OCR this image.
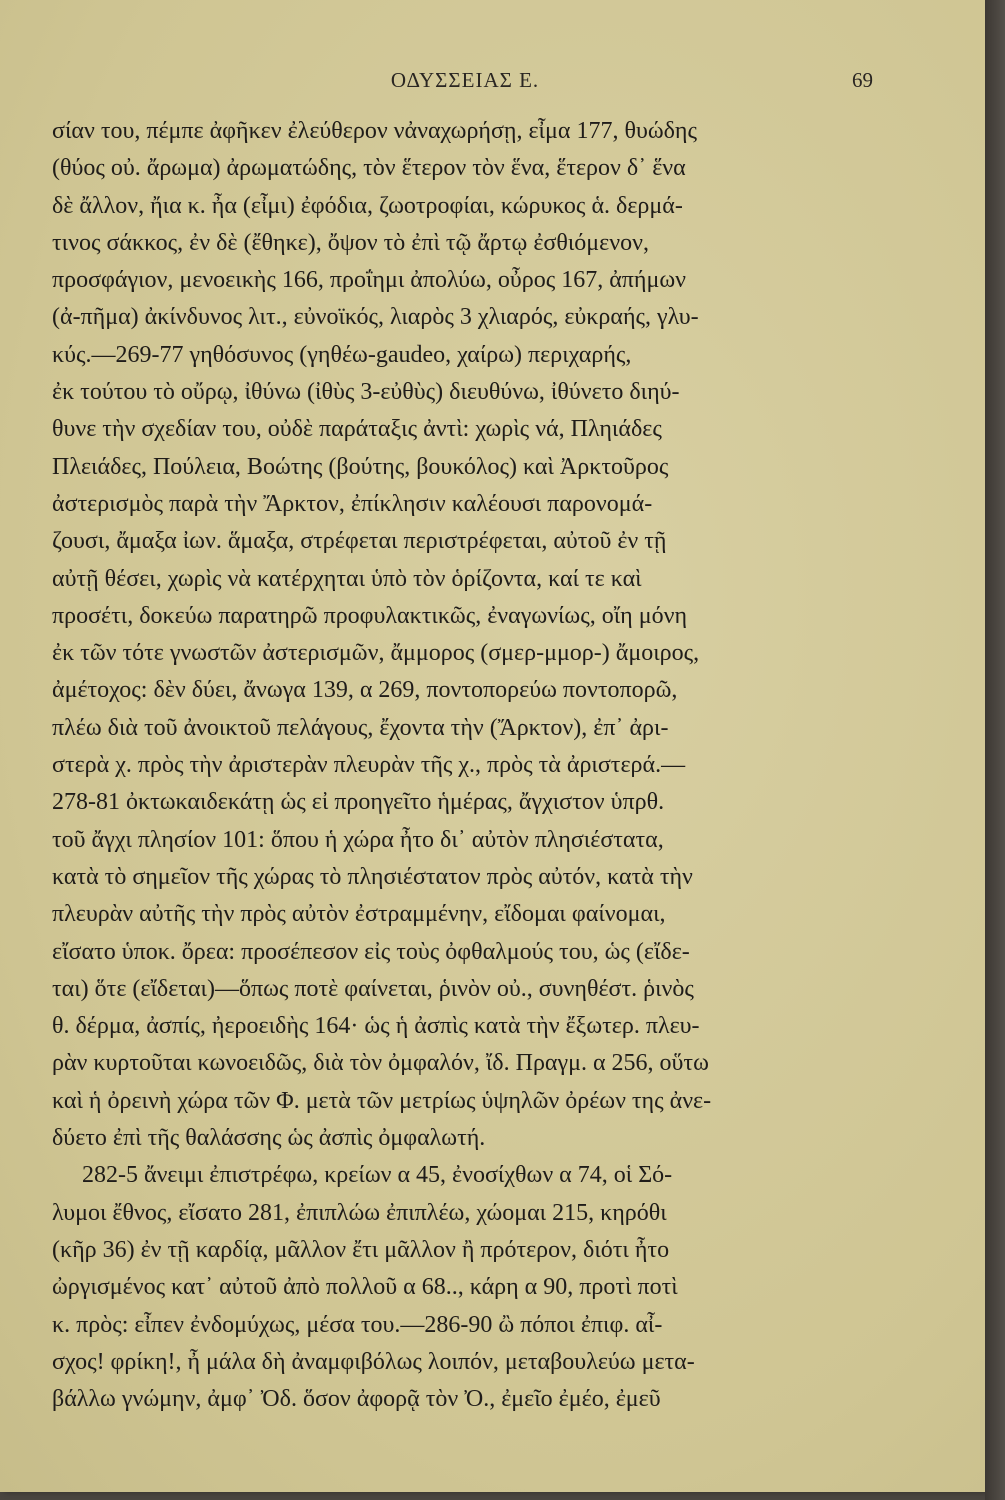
ΟΔΥΣΣΕΙΑΣ Ε.	69
σίαν του, πέμπε ἀφῆκεν ἐλεύθερον νἀναχωρήσῃ, εἶμα 177, θυώδης
(θύος οὐ. ἄρωμα) ἀρωματώδης, τὸν ἕτερον τὸν ἕνα, ἕτερον δ᾽ ἕνα
δὲ ἄλλον, ἤια κ. ἦα (εἶμι) ἐφόδια, ζωοτροφίαι, κώρυκος ἁ. δερμά-
τινος σάκκος, ἐν δὲ (ἔθηκε), ὄψον τὸ ἐπὶ τῷ ἄρτῳ ἐσθιόμενον,
προσφάγιον, μενοεικὴς 166, προΐημι ἀπολύω, οὖρος 167, ἀπήμων
(ἀ-πῆμα) ἀκίνδυνος λιτ., εὐνοϊκός, λιαρὸς 3 χλιαρός, εὐκραής, γλυ-
κύς.—269-77 γηθόσυνος (γηθέω-gaudeo, χαίρω) περιχαρής,
ἐκ τούτου τὸ οὔρῳ, ἰθύνω (ἰθὺς 3-εὐθὺς) διευθύνω, ἰθύνετο διηύ-
θυνε τὴν σχεδίαν του, οὐδὲ παράταξις ἀντὶ: χωρὶς νά, Πληιάδες
Πλειάδες, Πούλεια, Βοώτης (βούτης, βουκόλος) καὶ Ἀρκτοῦρος
ἀστερισμὸς παρὰ τὴν Ἄρκτον, ἐπίκλησιν καλέουσι παρονομά-
ζουσι, ἄμαξα ἰων. ἅμαξα, στρέφεται περιστρέφεται, αὐτοῦ ἐν τῇ
αὐτῇ θέσει, χωρὶς νὰ κατέρχηται ὑπὸ τὸν ὁρίζοντα, καί τε καὶ
προσέτι, δοκεύω παρατηρῶ προφυλακτικῶς, ἐναγωνίως, οἴη μόνη
ἐκ τῶν τότε γνωστῶν ἀστερισμῶν, ἄμμορος (σμερ-μμορ-) ἄμοιρος,
ἀμέτοχος: δὲν δύει, ἄνωγα 139, α 269, ποντοπορεύω ποντοπορῶ,
πλέω διὰ τοῦ ἀνοικτοῦ πελάγους, ἔχοντα τὴν (Ἄρκτον), ἐπ᾽ ἀρι-
στερὰ χ. πρὸς τὴν ἀριστερὰν πλευρὰν τῆς χ., πρὸς τὰ ἀριστερά.—
278-81 ὀκτωκαιδεκάτῃ ὡς εἰ προηγεῖτο ἡμέρας, ἄγχιστον ὑπρθ.
τοῦ ἄγχι πλησίον 101: ὅπου ἡ χώρα ἦτο δι᾽ αὐτὸν πλησιέστατα,
κατὰ τὸ σημεῖον τῆς χώρας τὸ πλησιέστατον πρὸς αὐτόν, κατὰ τὴν
πλευρὰν αὐτῆς τὴν πρὸς αὐτὸν ἐστραμμένην, εἴδομαι φαίνομαι,
εἴσατο ὑποκ. ὄρεα: προσέπεσον εἰς τοὺς ὀφθαλμούς του, ὡς (εἴδε-
ται) ὅτε (εἴδεται)—ὅπως ποτὲ φαίνεται, ῥινὸν οὐ., συνηθέστ. ῥινὸς
θ. δέρμα, ἀσπίς, ἠεροειδὴς 164· ὡς ἡ ἀσπὶς κατὰ τὴν ἔξωτερ. πλευ-
ρὰν κυρτοῦται κωνοειδῶς, διὰ τὸν ὀμφαλόν, ἴδ. Πραγμ. α 256, οὕτω
καὶ ἡ ὀρεινὴ χώρα τῶν Φ. μετὰ τῶν μετρίως ὑψηλῶν ὀρέων της ἀνε-
δύετο ἐπὶ τῆς θαλάσσης ὡς ἀσπὶς ὀμφαλωτή.
282-5 ἄνειμι ἐπιστρέφω, κρείων α 45, ἐνοσίχθων α 74, οἱ Σό-
λυμοι ἔθνος, εἴσατο 281, ἐπιπλώω ἐπιπλέω, χώομαι 215, κηρόθι
(κῆρ 36) ἐν τῇ καρδίᾳ, μᾶλλον ἔτι μᾶλλον ἢ πρότερον, διότι ἦτο
ὠργισμένος κατ᾽ αὐτοῦ ἀπὸ πολλοῦ α 68.., κάρη α 90, προτὶ ποτὶ
κ. πρὸς: εἶπεν ἐνδομύχως, μέσα του.—286-90 ὢ πόποι ἐπιφ. αἶ-
σχος! φρίκη!, ἦ μάλα δὴ ἀναμφιβόλως λοιπόν, μεταβουλεύω μετα-
βάλλω γνώμην, ἀμφ᾽ Ὀδ. ὅσον ἀφορᾷ τὸν Ὀ., ἐμεῖο ἐμέο, ἐμεῦ
